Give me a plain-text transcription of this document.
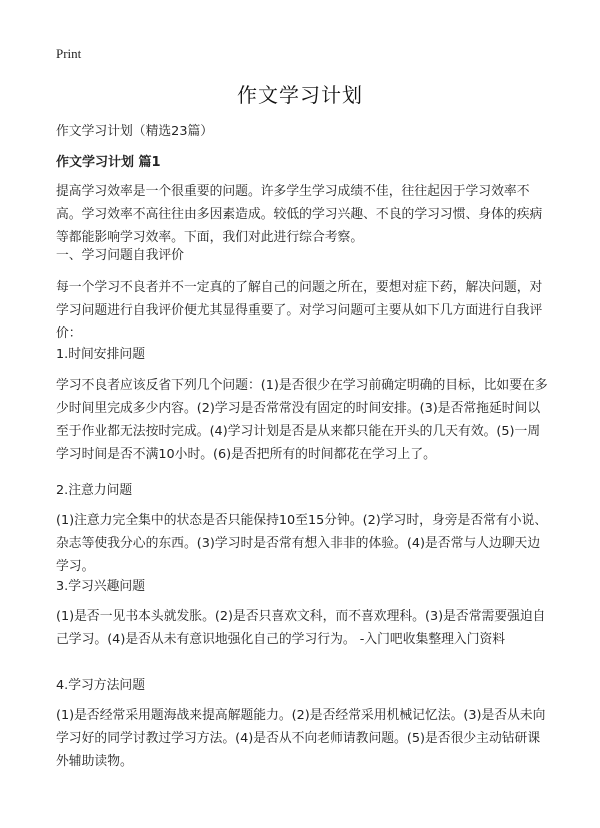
Print
作文学习计划

作文学习计划（精选23篇）

作文学习计划 篇1

提高学习效率是一个很重要的问题。许多学生学习成绩不佳，往往起因于学习效率不高。学习效率不高往往由多因素造成。较低的学习兴趣、不良的学习习惯、身体的疾病等都能影响学习效率。下面，我们对此进行综合考察。

一、学习问题自我评价

每一个学习不良者并不一定真的了解自己的问题之所在，要想对症下药，解决问题，对学习问题进行自我评价便尤其显得重要了。对学习问题可主要从如下几方面进行自我评价：

1.时间安排问题

学习不良者应该反省下列几个问题：(1)是否很少在学习前确定明确的目标，比如要在多少时间里完成多少内容。(2)学习是否常常没有固定的时间安排。(3)是否常拖延时间以至于作业都无法按时完成。(4)学习计划是否是从来都只能在开头的几天有效。(5)一周学习时间是否不满10小时。(6)是否把所有的时间都花在学习上了。

2.注意力问题

(1)注意力完全集中的状态是否只能保持10至15分钟。(2)学习时，身旁是否常有小说、杂志等使我分心的东西。(3)学习时是否常有想入非非的体验。(4)是否常与人边聊天边学习。

3.学习兴趣问题

(1)是否一见书本头就发胀。(2)是否只喜欢文科，而不喜欢理科。(3)是否常需要强迫自己学习。(4)是否从未有意识地强化自己的学习行为。 -入门吧收集整理入门资料

4.学习方法问题

(1)是否经常采用题海战来提高解题能力。(2)是否经常采用机械记忆法。(3)是否从未向学习好的同学讨教过学习方法。(4)是否从不向老师请教问题。(5)是否很少主动钻研课外辅助读物。
